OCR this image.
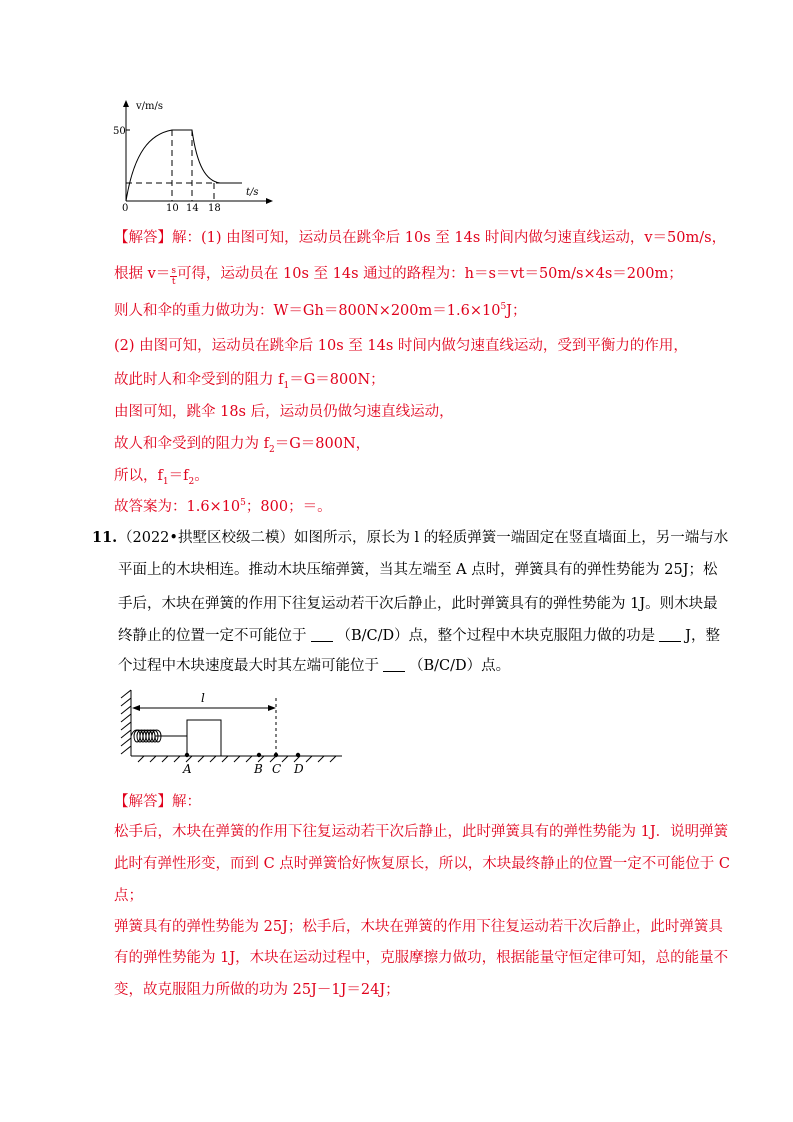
v/m/s
t/s
50
0	10 14 18
【解答】解：(1) 由图可知，运动员在跳伞后 10s 至 14s 时间内做匀速直线运动，v＝50m/s，
根据 $v= \frac{s}{t}$ 可得，运动员在 10s 至 14s 通过的路程为：h＝s＝vt＝50m/s×4s＝200m；
则人和伞的重力做功为：$W=Gh=800N\times 200m=1.6\times 10^5J$；
(2) 由图可知，运动员在跳伞后 10s 至 14s 时间内做匀速直线运动，受到平衡力的作用，
故此时人和伞受到的阻力 $f_1=G=800N$；
由图可知，跳伞 18s 后，运动员仍做匀速直线运动，
故人和伞受到的阻力为 $f_2=G=800N$，
所以，$f_1=f_2$。
故答案为：$1.6\times 10^5$；800；＝。
11. （2022•拱墅区校级二模）如图所示，原长为 l 的轻质弹簧一端固定在竖直墙面上，另一端与水
平面上的木块相连。推动木块压缩弹簧，当其左端至 A 点时，弹簧具有的弹性势能为 25J；松
手后，木块在弹簧的作用下往复运动若干次后静止，此时弹簧具有的弹性势能为 1J。则木块最
终静止的位置一定不可能位于 （B/C/D）点，整个过程中木块克服阻力做的功是 J，整
个过程中木块速度最大时其左端可能位于 （B/C/D）点。
l
A	B C D
【解答】解：
松手后，木块在弹簧的作用下往复运动若干次后静止，此时弹簧具有的弹性势能为 1J．说明弹簧
此时有弹性形变，而到 C 点时弹簧恰好恢复原长，所以，木块最终静止的位置一定不可能位于 C
点；
弹簧具有的弹性势能为 25J；松手后，木块在弹簧的作用下往复运动若干次后静止，此时弹簧具
有的弹性势能为 1J，木块在运动过程中，克服摩擦力做功，根据能量守恒定律可知，总的能量不
变，故克服阻力所做的功为 25J－1J＝24J；
